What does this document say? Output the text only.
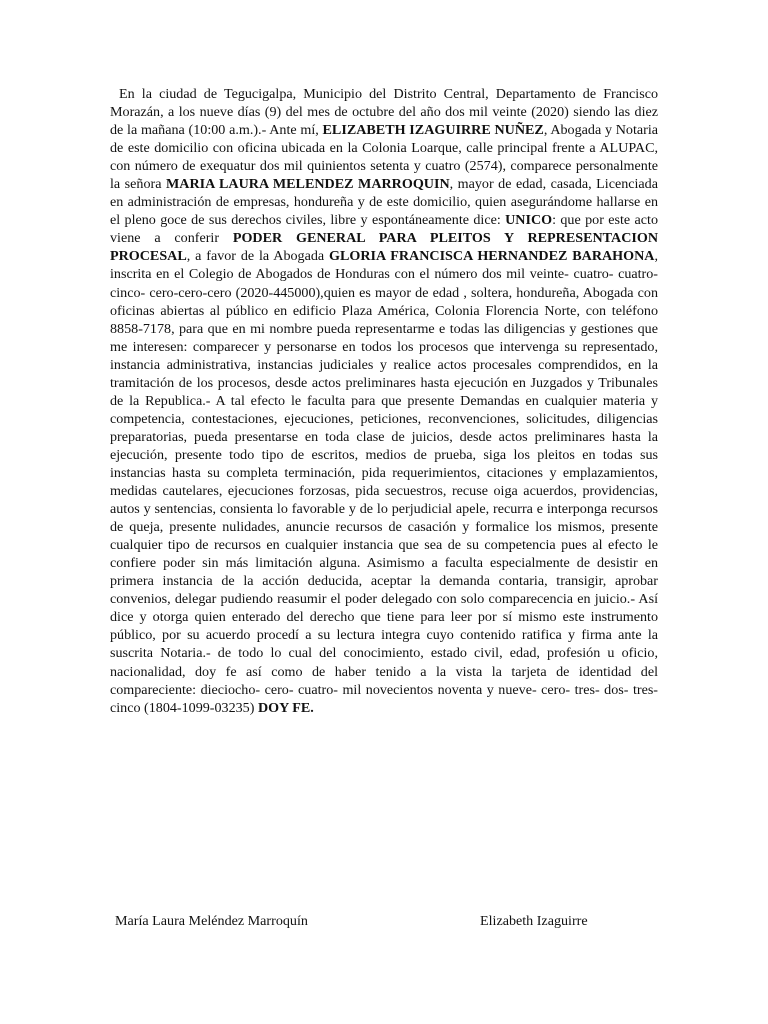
En la ciudad de Tegucigalpa, Municipio del Distrito Central, Departamento de Francisco Morazán, a los nueve días (9) del mes de octubre del año dos mil veinte (2020) siendo las diez de la mañana (10:00 a.m.).- Ante mí, ELIZABETH IZAGUIRRE NUÑEZ, Abogada y Notaria de este domicilio con oficina ubicada en la Colonia Loarque, calle principal frente a ALUPAC, con número de exequatur dos mil quinientos setenta y cuatro (2574), comparece personalmente la señora MARIA LAURA MELENDEZ MARROQUIN, mayor de edad, casada, Licenciada en administración de empresas, hondureña y de este domicilio, quien asegurándome hallarse en el pleno goce de sus derechos civiles, libre y espontáneamente dice: UNICO: que por este acto viene a conferir PODER GENERAL PARA PLEITOS Y REPRESENTACION PROCESAL, a favor de la Abogada GLORIA FRANCISCA HERNANDEZ BARAHONA, inscrita en el Colegio de Abogados de Honduras con el número dos mil veinte- cuatro- cuatro- cinco- cero-cero-cero (2020-445000),quien es mayor de edad , soltera, hondureña, Abogada con oficinas abiertas al público en edificio Plaza América, Colonia Florencia Norte, con teléfono 8858-7178, para que en mi nombre pueda representarme e todas las diligencias y gestiones que me interesen: comparecer y personarse en todos los procesos que intervenga su representado, instancia administrativa, instancias judiciales y realice actos procesales comprendidos, en la tramitación de los procesos, desde actos preliminares hasta ejecución en Juzgados y Tribunales de la Republica.- A tal efecto le faculta para que presente Demandas en cualquier materia y competencia, contestaciones, ejecuciones, peticiones, reconvenciones, solicitudes, diligencias preparatorias, pueda presentarse en toda clase de juicios, desde actos preliminares hasta la ejecución, presente todo tipo de escritos, medios de prueba, siga los pleitos en todas sus instancias hasta su completa terminación, pida requerimientos, citaciones y emplazamientos, medidas cautelares, ejecuciones forzosas, pida secuestros, recuse oiga acuerdos, providencias, autos y sentencias, consienta lo favorable y de lo perjudicial apele, recurra e interponga recursos de queja, presente nulidades, anuncie recursos de casación y formalice los mismos, presente cualquier tipo de recursos en cualquier instancia que sea de su competencia pues al efecto le confiere poder sin más limitación alguna. Asimismo a faculta especialmente de desistir en primera instancia de la acción deducida, aceptar la demanda contaria, transigir, aprobar convenios, delegar pudiendo reasumir el poder delegado con solo comparecencia en juicio.- Así dice y otorga quien enterado del derecho que tiene para leer por sí mismo este instrumento público, por su acuerdo procedí a su lectura integra cuyo contenido ratifica y firma ante la suscrita Notaria.- de todo lo cual del conocimiento, estado civil, edad, profesión u oficio, nacionalidad, doy fe así como de haber tenido a la vista la tarjeta de identidad del compareciente: dieciocho- cero- cuatro- mil novecientos noventa y nueve- cero- tres- dos- tres-cinco (1804-1099-03235) DOY FE.

María Laura Meléndez Marroquín	Elizabeth Izaguirre
